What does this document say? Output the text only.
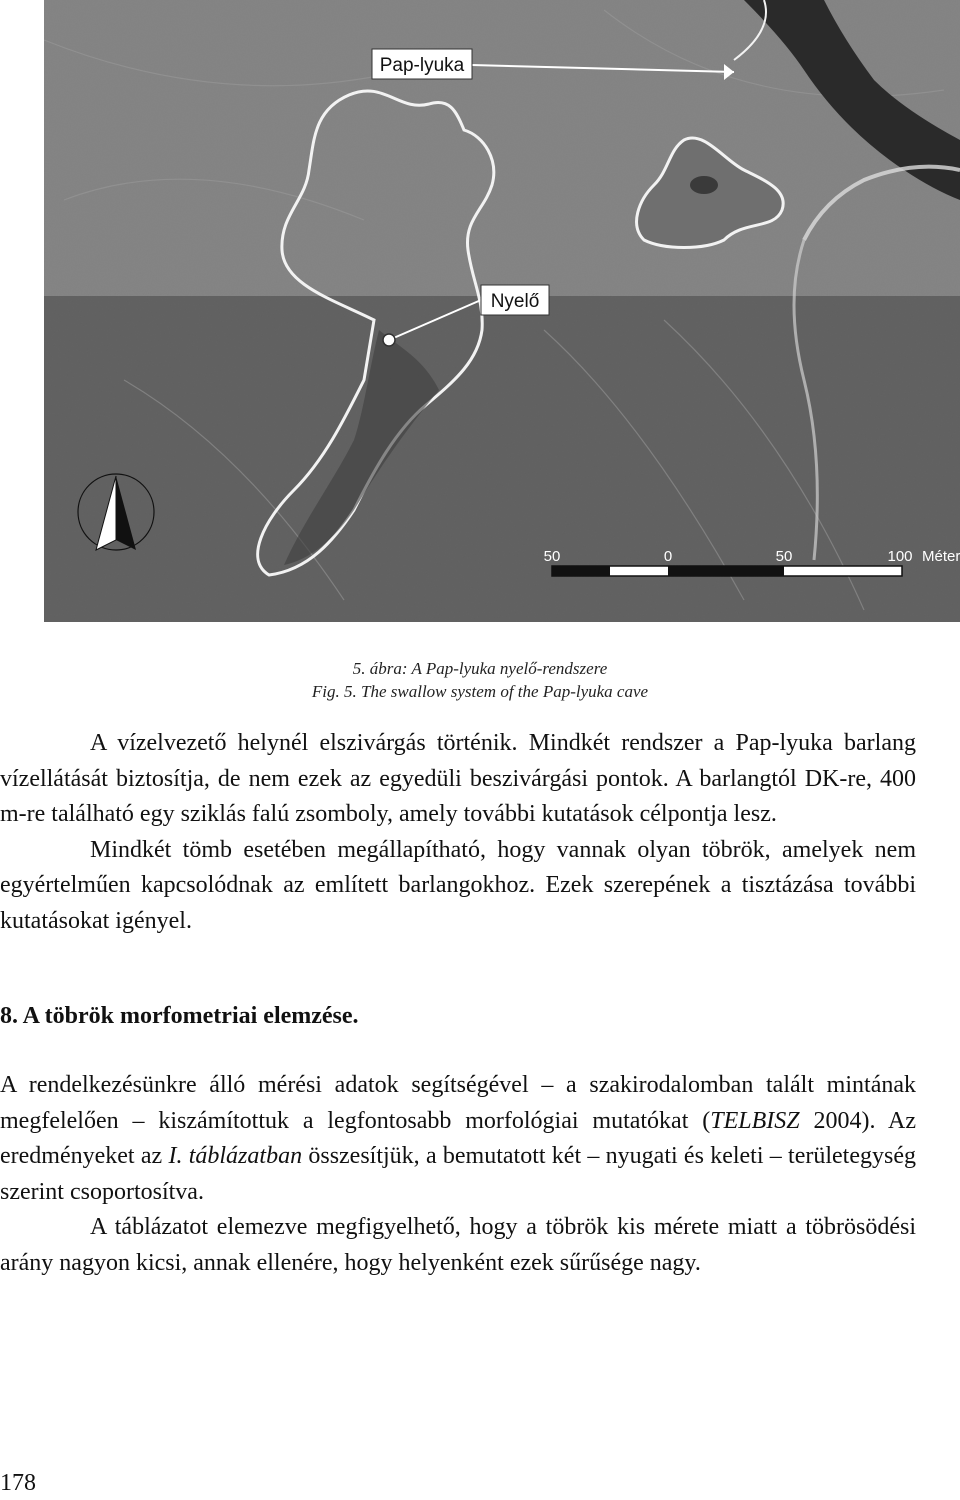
Pap-lyuka
Nyelő
50	0	50	100 Méter
5. ábra: A Pap-lyuka nyelő-rendszere
Fig. 5. The swallow system of the Pap-lyuka cave

A vízelvezető helynél elszivárgás történik. Mindkét rendszer a Pap-lyuka barlang vízellátását biztosítja, de nem ezek az egyedüli beszivárgási pontok. A barlangtól DK-re, 400 m-re található egy sziklás falú zsomboly, amely további kutatások célpontja lesz.

Mindkét tömb esetében megállapítható, hogy vannak olyan töbrök, amelyek nem egyértelműen kapcsolódnak az említett barlangokhoz. Ezek szerepének a tisztázása további kutatásokat igényel.

8. A töbrök morfometriai elemzése.

A rendelkezésünkre álló mérési adatok segítségével – a szakirodalomban talált mintának megfelelően – kiszámítottuk a legfontosabb morfológiai mutatókat (TELBISZ 2004). Az eredményeket az I. táblázatban összesítjük, a bemutatott két – nyugati és keleti – területegység szerint csoportosítva.

A táblázatot elemezve megfigyelhető, hogy a töbrök kis mérete miatt a töbrösödési arány nagyon kicsi, annak ellenére, hogy helyenként ezek sűrűsége nagy.

178
